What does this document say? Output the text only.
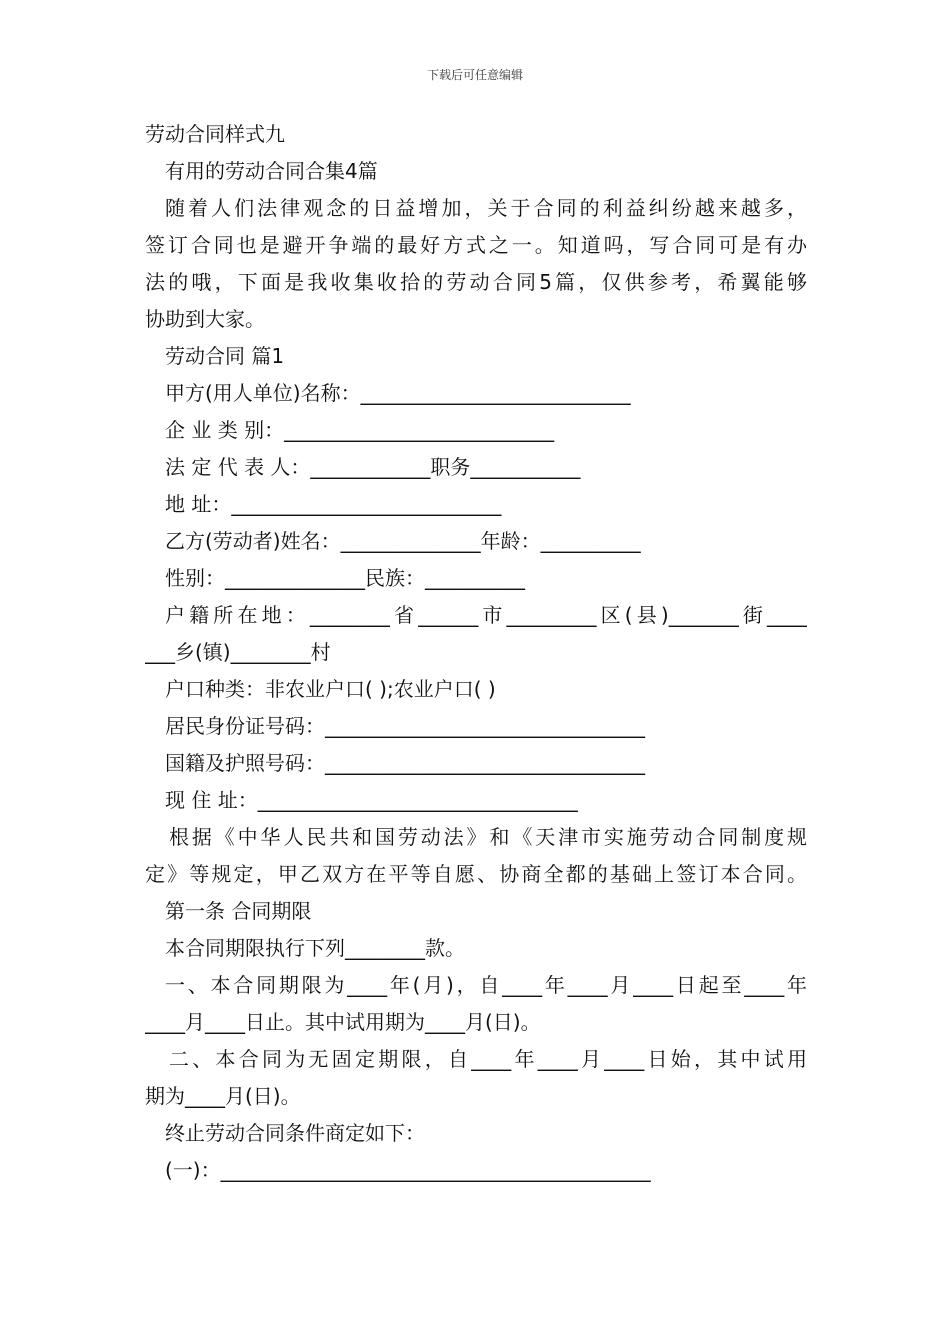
下载后可任意编辑
劳动合同样式九
有用的劳动合同合集4篇
随着人们法律观念的日益增加，关于合同的利益纠纷越来越多，
签订合同也是避开争端的最好方式之一。知道吗，写合同可是有办
法的哦，下面是我收集收拾的劳动合同5篇，仅供参考，希翼能够
协助到大家。
劳动合同 篇1
甲方(用人单位)名称：___________________________
企 业 类 别：___________________________
法 定 代 表 人：____________职务___________
地 址：___________________________
乙方(劳动者)姓名：______________年龄：__________
性别：______________民族：__________
户籍所在地：________省______市_________区(县)_______街____
___乡(镇)________村
户口种类：非农业户口( );农业户口( )
居民身份证号码：________________________________
国籍及护照号码：________________________________
现 住 址：________________________________
根据《中华人民共和国劳动法》和《天津市实施劳动合同制度规
定》等规定，甲乙双方在平等自愿、协商全都的基础上签订本合同。
第一条 合同期限
本合同期限执行下列________款。
一、本合同期限为____年(月)，自____年____月____日起至____年
____月____日止。其中试用期为____月(日)。
二、本合同为无固定期限，自____年____月____日始，其中试用
期为____月(日)。
终止劳动合同条件商定如下：
(一)：___________________________________________
